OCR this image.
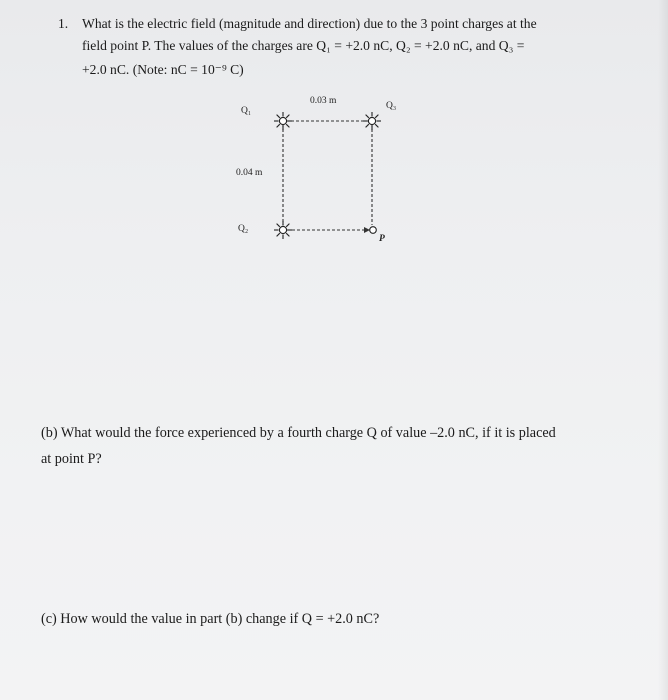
1. What is the electric field (magnitude and direction) due to the 3 point charges at the
field point P. The values of the charges are Q₁ = +2.0 nC, Q₂ = +2.0 nC, and Q₃ =
+2.0 nC. (Note: nC = 10⁻⁹ C)
Q₁	Q₃
Q₂
P
0.03 m
0.04 m
(b) What would the force experienced by a fourth charge Q of value –2.0 nC, if it is placed
at point P?
(c) How would the value in part (b) change if Q = +2.0 nC?
